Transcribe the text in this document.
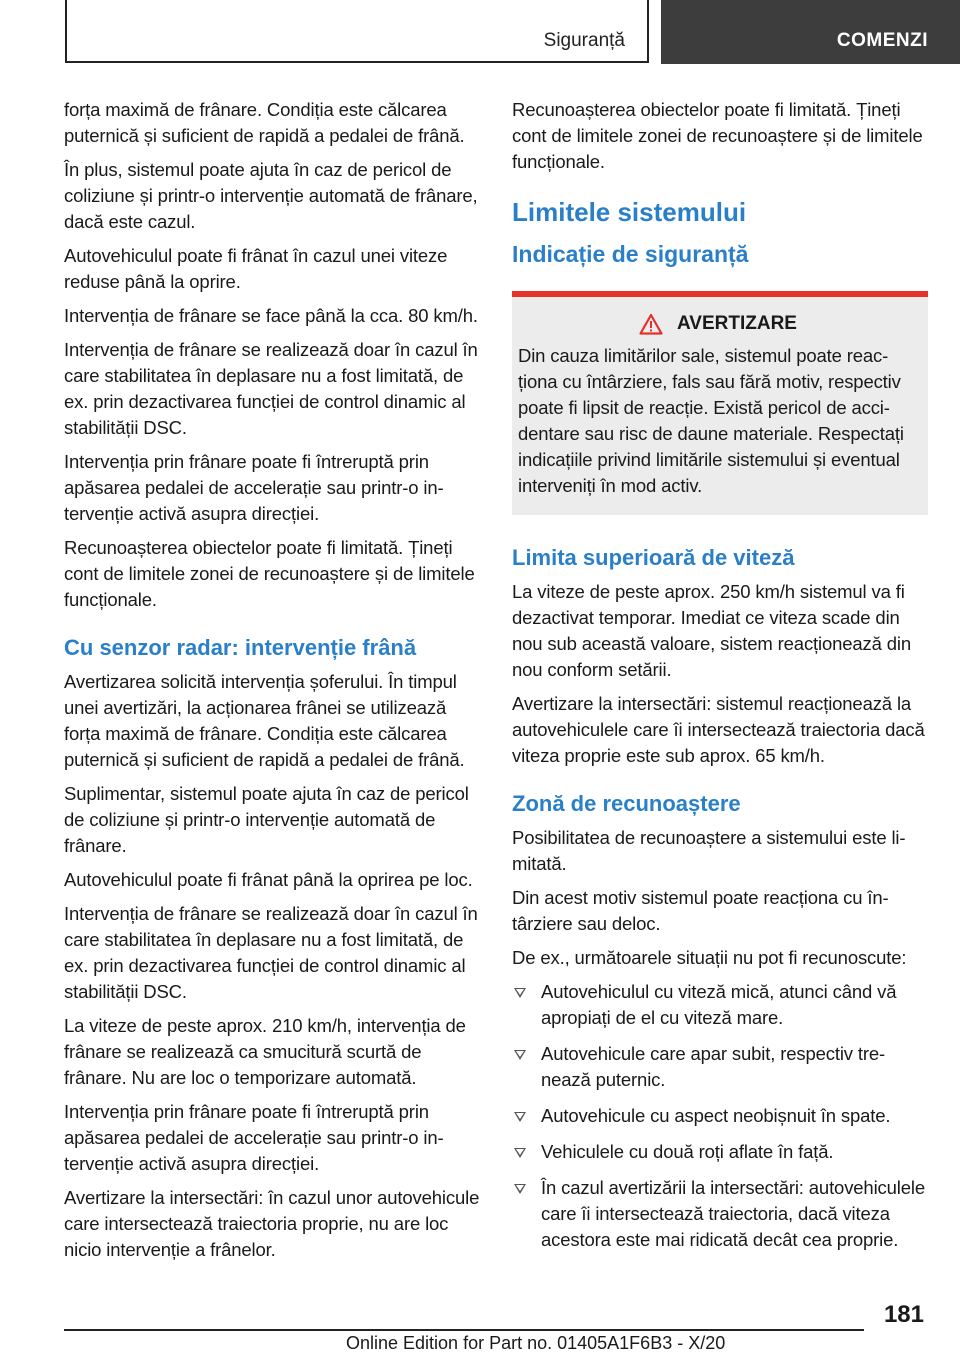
Siguranță	COMENZI

forța maximă de frânare. Condiția este călcarea puternică și suficient de rapidă a pedalei de frână.

În plus, sistemul poate ajuta în caz de pericol de coliziune și printr-o intervenție automată de frânare, dacă este cazul.

Autovehiculul poate fi frânat în cazul unei viteze reduse până la oprire.

Intervenția de frânare se face până la cca. 80 km/h.

Intervenția de frânare se realizează doar în cazul în care stabilitatea în deplasare nu a fost limitată, de ex. prin dezactivarea funcției de control dinamic al stabilității DSC.

Intervenția prin frânare poate fi întreruptă prin apăsarea pedalei de accelerație sau printr-o intervenție activă asupra direcției.

Recunoașterea obiectelor poate fi limitată. Țineți cont de limitele zonei de recunoaștere și de limitele funcționale.

Cu senzor radar: intervenție frână

Avertizarea solicită intervenția șoferului. În timpul unei avertizări, la acționarea frânei se utilizează forța maximă de frânare. Condiția este călcarea puternică și suficient de rapidă a pedalei de frână.

Suplimentar, sistemul poate ajuta în caz de pericol de coliziune și printr-o intervenție automată de frânare.

Autovehiculul poate fi frânat până la oprirea pe loc.

Intervenția de frânare se realizează doar în cazul în care stabilitatea în deplasare nu a fost limitată, de ex. prin dezactivarea funcției de control dinamic al stabilității DSC.

La viteze de peste aprox. 210 km/h, intervenția de frânare se realizează ca smucitură scurtă de frânare. Nu are loc o temporizare automată.

Intervenția prin frânare poate fi întreruptă prin apăsarea pedalei de accelerație sau printr-o intervenție activă asupra direcției.

Avertizare la intersectări: în cazul unor autovehicule care intersectează traiectoria proprie, nu are loc nicio intervenție a frânelor.

Recunoașterea obiectelor poate fi limitată. Țineți cont de limitele zonei de recunoaștere și de limitele funcționale.

Limitele sistemului
Indicație de siguranță
AVERTIZARE

Din cauza limitărilor sale, sistemul poate reacționa cu întârziere, fals sau fără motiv, respectiv poate fi lipsit de reacție. Există pericol de accidentare sau risc de daune materiale. Respectați indicațiile privind limitările sistemului și eventual interveniți în mod activ.

Limita superioară de viteză

La viteze de peste aprox. 250 km/h sistemul va fi dezactivat temporar. Imediat ce viteza scade din nou sub această valoare, sistem reacționează din nou conform setării.

Avertizare la intersectări: sistemul reacționează la autovehiculele care îi intersectează traiectoria dacă viteza proprie este sub aprox. 65 km/h.

Zonă de recunoaștere

Posibilitatea de recunoaștere a sistemului este limitată.

Din acest motiv sistemul poate reacționa cu întârziere sau deloc.

De ex., următoarele situații nu pot fi recunoscute:

Autovehiculul cu viteză mică, atunci când vă apropiați de el cu viteză mare.
Autovehicule care apar subit, respectiv trenează puternic.
Autovehicule cu aspect neobișnuit în spate.
Vehiculele cu două roți aflate în față.
În cazul avertizării la intersectări: autovehiculele care îi intersectează traiectoria, dacă viteza acestora este mai ridicată decât cea proprie.
181
Online Edition for Part no. 01405A1F6B3 - X/20
